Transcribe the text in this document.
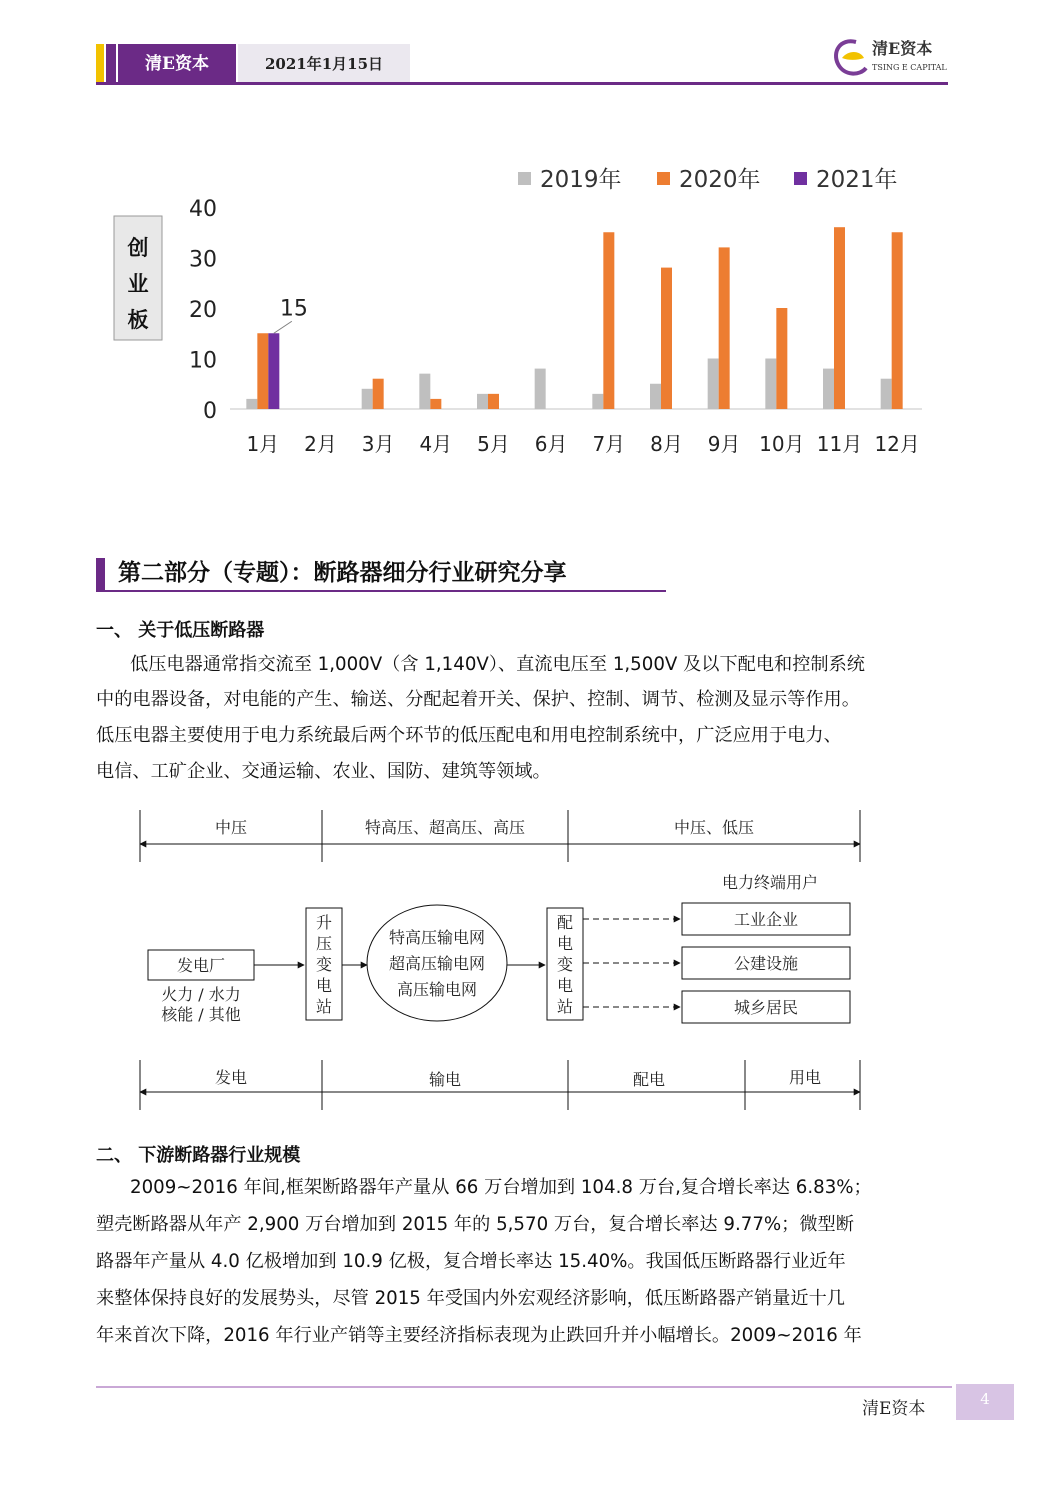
清E资本	2021年1月15日
清E资本
TSING E CAPITAL
创
业
板
2019年 2020年 2021年
0
10
20
30
40
1月 2月 3月 4月 5月 6月 7月 8月 9月 10月 11月 12月
15
第二部分（专题）：断路器细分行业研究分享
一、 关于低压断路器
低压电器通常指交流至 1,000V（含 1,140V）、直流电压至 1,500V 及以下配电和控制系统
中的电器设备，对电能的产生、输送、分配起着开关、保护、控制、调节、检测及显示等作用。
低压电器主要使用于电力系统最后两个环节的低压配电和用电控制系统中，广泛应用于电力、
电信、工矿企业、交通运输、农业、国防、建筑等领域。
中压	特高压、超高压、高压	中压、低压
发电厂
火力 / 水力
核能 / 其他
升
压
变
电
站
特高压输电网
超高压输电网
高压输电网
配
电
变
电
站
电力终端用户
工业企业
公建设施
城乡居民
发电	输电	配电	用电
二、 下游断路器行业规模
2009~2016 年间,框架断路器年产量从 66 万台增加到 104.8 万台,复合增长率达 6.83%；
塑壳断路器从年产 2,900 万台增加到 2015 年的 5,570 万台，复合增长率达 9.77%；微型断
路器年产量从 4.0 亿极增加到 10.9 亿极，复合增长率达 15.40%。我国低压断路器行业近年
来整体保持良好的发展势头，尽管 2015 年受国内外宏观经济影响，低压断路器产销量近十几
年来首次下降，2016 年行业产销等主要经济指标表现为止跌回升并小幅增长。2009~2016 年
清E资本	4
